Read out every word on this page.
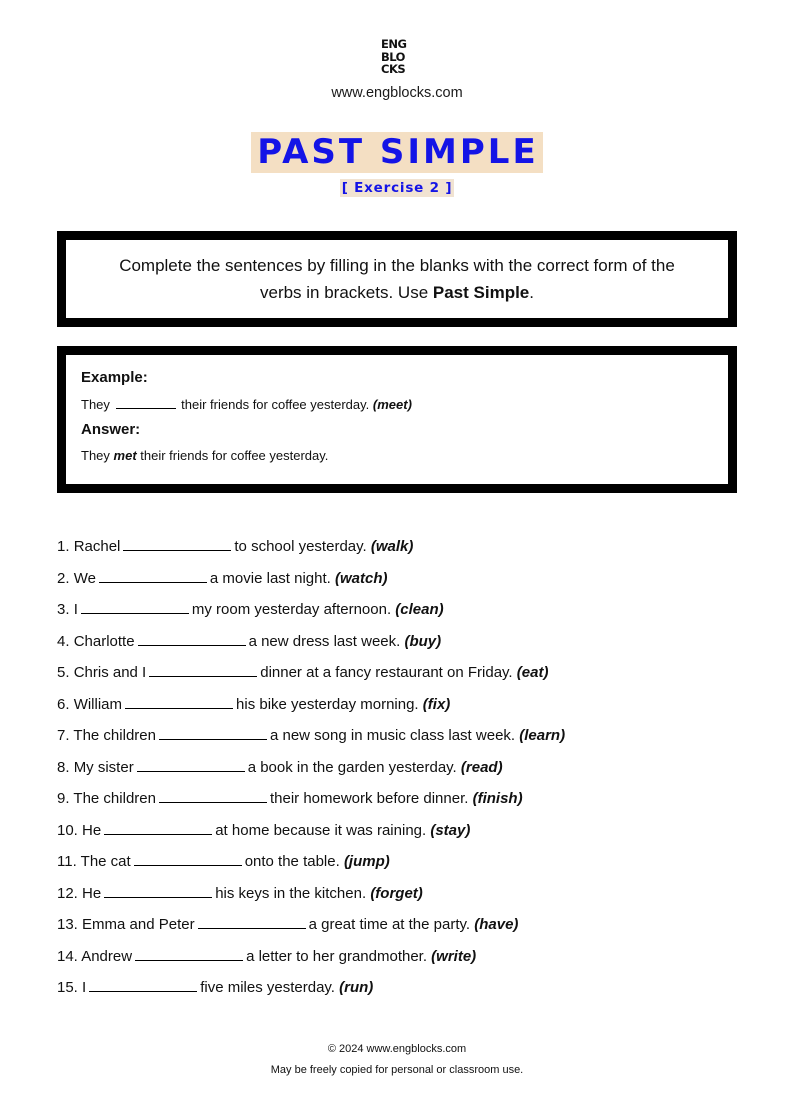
ENG
BLO
CKS
www.engblocks.com
PAST SIMPLE
[ Exercise 2 ]
Complete the sentences by filling in the blanks with the correct form of the verbs in brackets. Use Past Simple.
Example:
They	their friends for coffee yesterday. (meet)
Answer:
They met their friends for coffee yesterday.
1. Rachel	to school yesterday. (walk)
2. We	a movie last night. (watch)
3. I	my room yesterday afternoon. (clean)
4. Charlotte	a new dress last week. (buy)
5. Chris and I	dinner at a fancy restaurant on Friday. (eat)
6. William	his bike yesterday morning. (fix)
7. The children	a new song in music class last week. (learn)
8. My sister	a book in the garden yesterday. (read)
9. The children	their homework before dinner. (finish)
10. He	at home because it was raining. (stay)
11. The cat	onto the table. (jump)
12. He	his keys in the kitchen. (forget)
13. Emma and Peter	a great time at the party. (have)
14. Andrew	a letter to her grandmother. (write)
15. I	five miles yesterday. (run)
© 2024 www.engblocks.com
May be freely copied for personal or classroom use.
